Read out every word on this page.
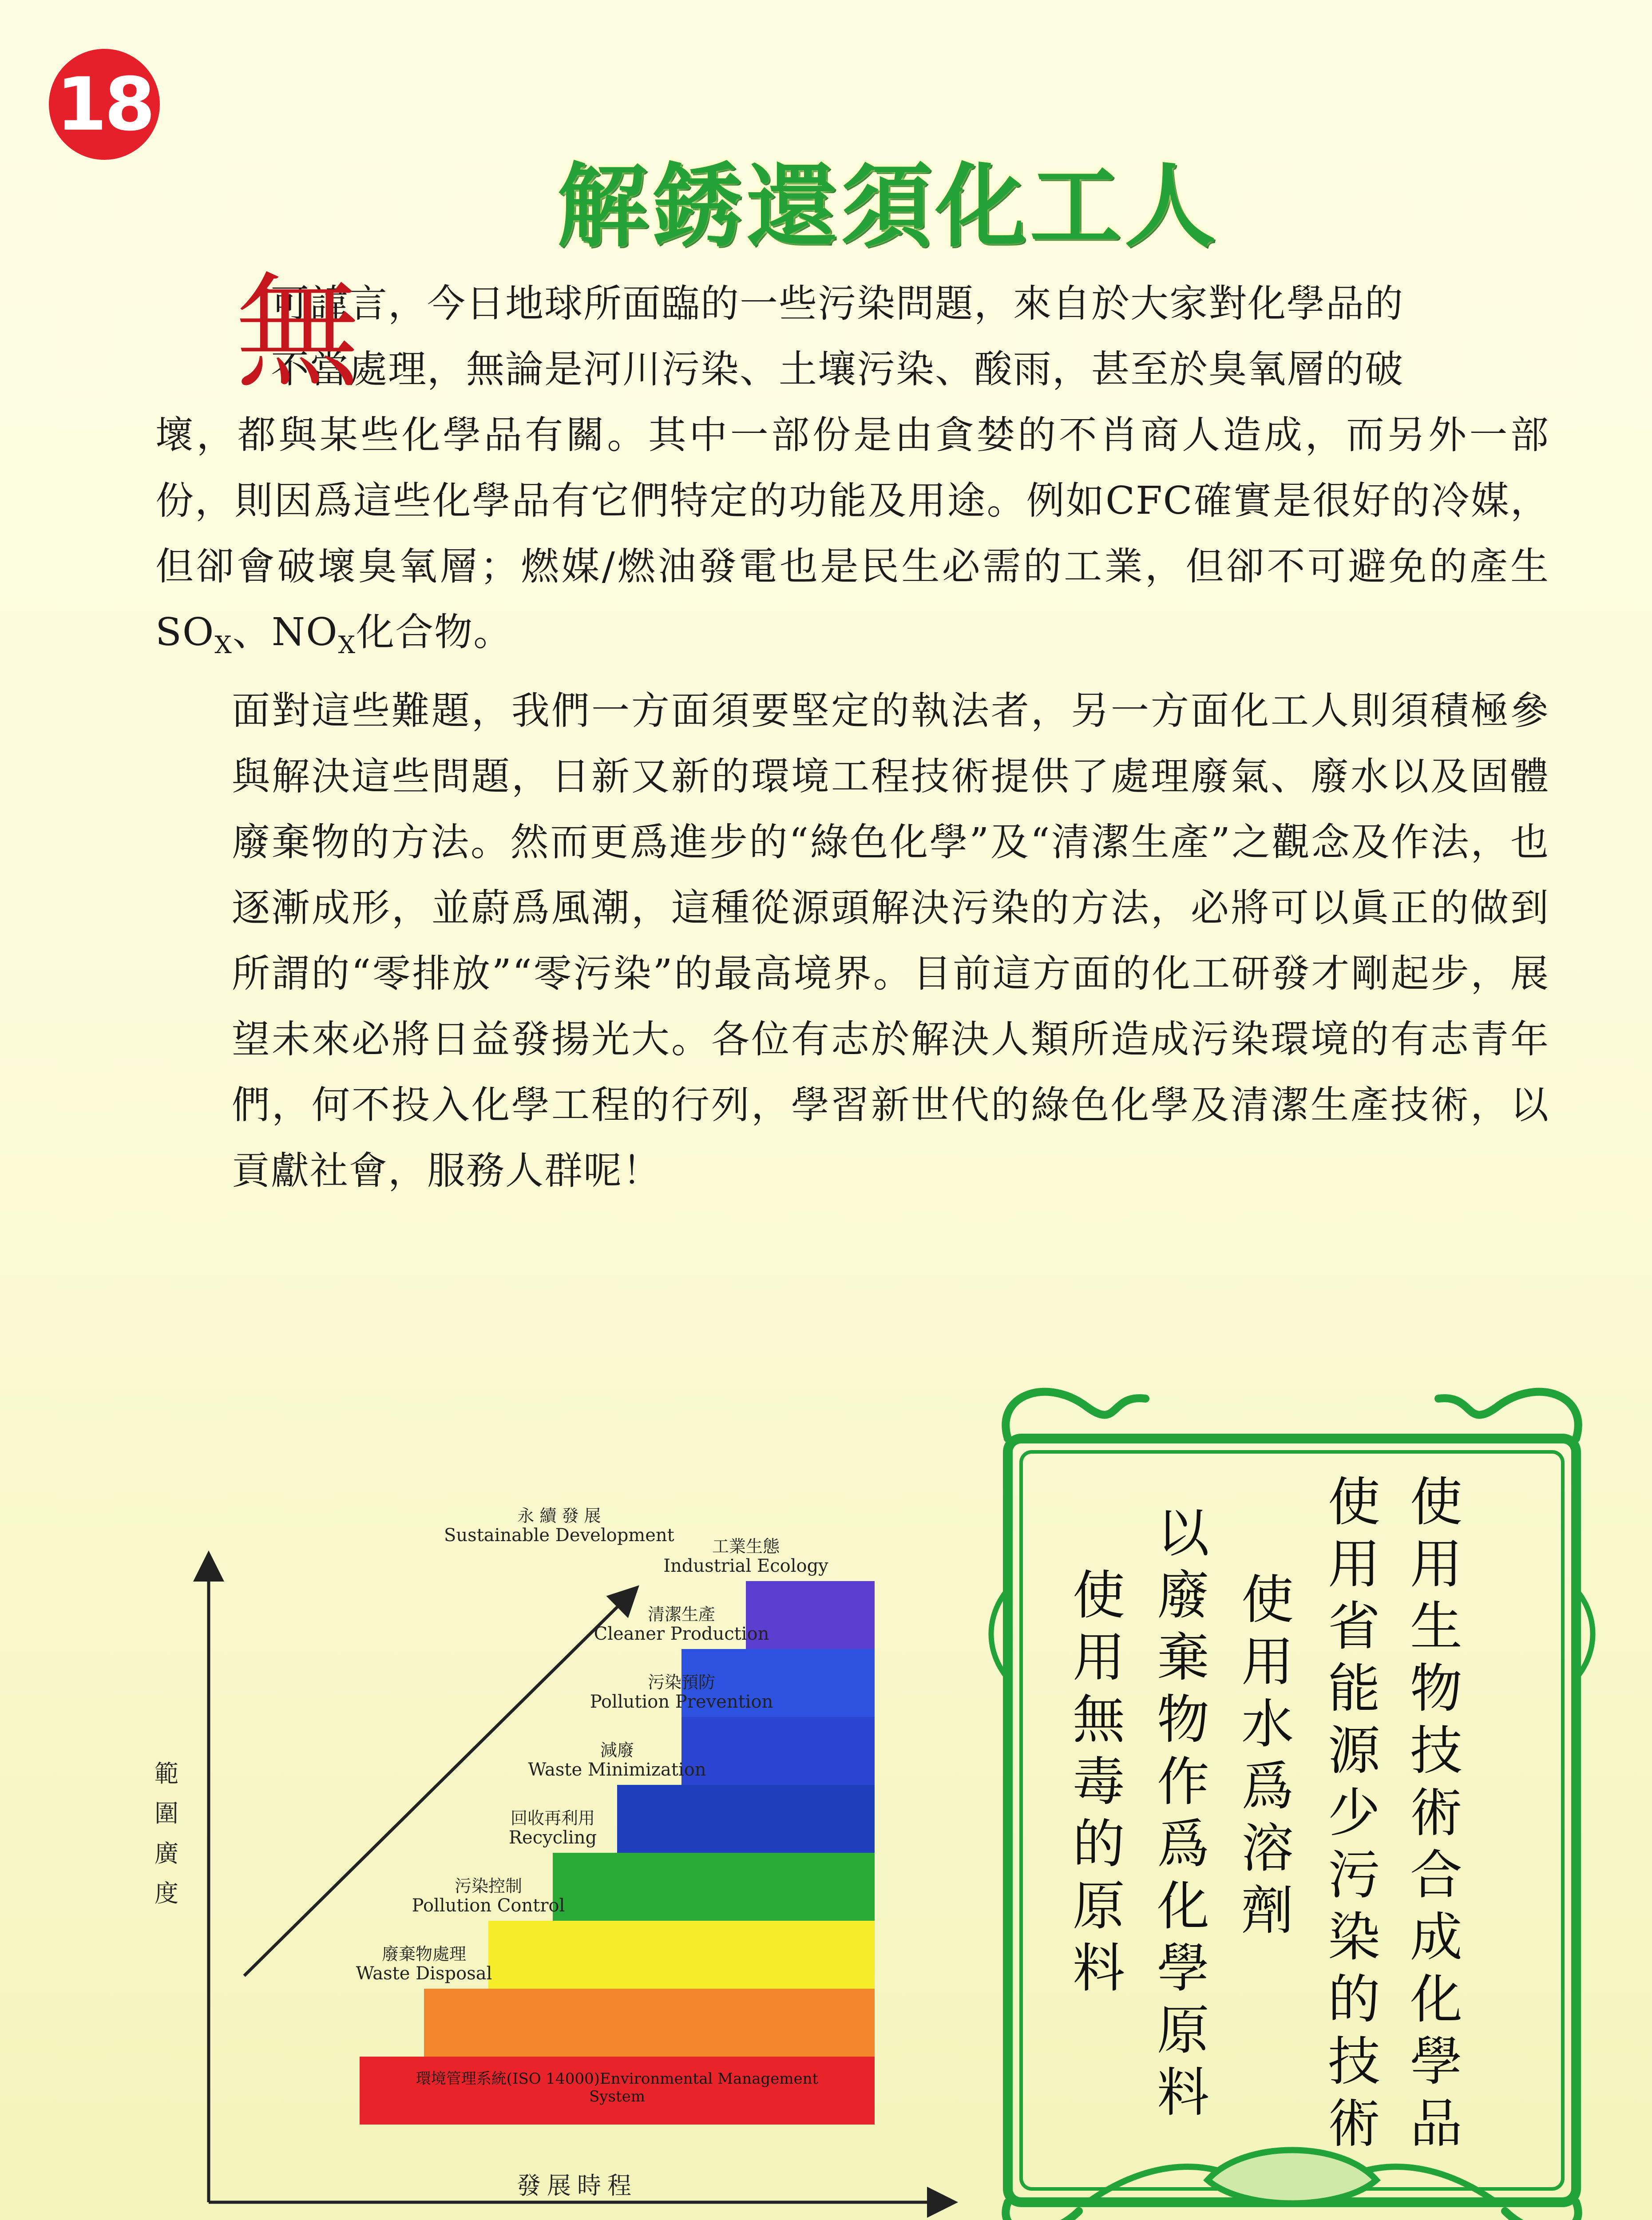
18
解銹還須化工人

無
可諱言，今日地球所面臨的一些污染問題，來自於大家對化學品的
不當處理，無論是河川污染、土壤污染、酸雨，甚至於臭氧層的破

壞，都與某些化學品有關。其中一部份是由貪婪的不肖商人造成，而另外一部份，則因爲這些化學品有它們特定的功能及用途。例如CFC確實是很好的冷媒，但卻會破壞臭氧層；燃媒/燃油發電也是民生必需的工業，但卻不可避免的產生$SO_X$、$NO_X$化合物。

面對這些難題，我們一方面須要堅定的執法者，另一方面化工人則須積極參與解決這些問題，日新又新的環境工程技術提供了處理廢氣、廢水以及固體廢棄物的方法。然而更爲進步的“綠色化學”及“清潔生產”之觀念及作法，也逐漸成形，並蔚爲風潮，這種從源頭解決污染的方法，必將可以眞正的做到所謂的“零排放”“零污染”的最高境界。目前這方面的化工研發才剛起步，展望未來必將日益發揚光大。各位有志於解決人類所造成污染環境的有志青年們，何不投入化學工程的行列，學習新世代的綠色化學及清潔生產技術，以貢獻社會，服務人群呢！

永 續 發 展
Sustainable Development
環境管理系統(ISO 14000)Environmental Management System
廢棄物處理
Waste Disposal
污染控制
Pollution Control
回收再利用
Recycling
減廢
Waste Minimization
污染預防
Pollution Prevention
清潔生產
Cleaner Production
工業生態
Industrial Ecology
範圍廣度
發展時程
使用生物技術合成化學品
使用省能源少污染的技術
使用水爲溶劑
以廢棄物作爲化學原料
使用無毒的原料
